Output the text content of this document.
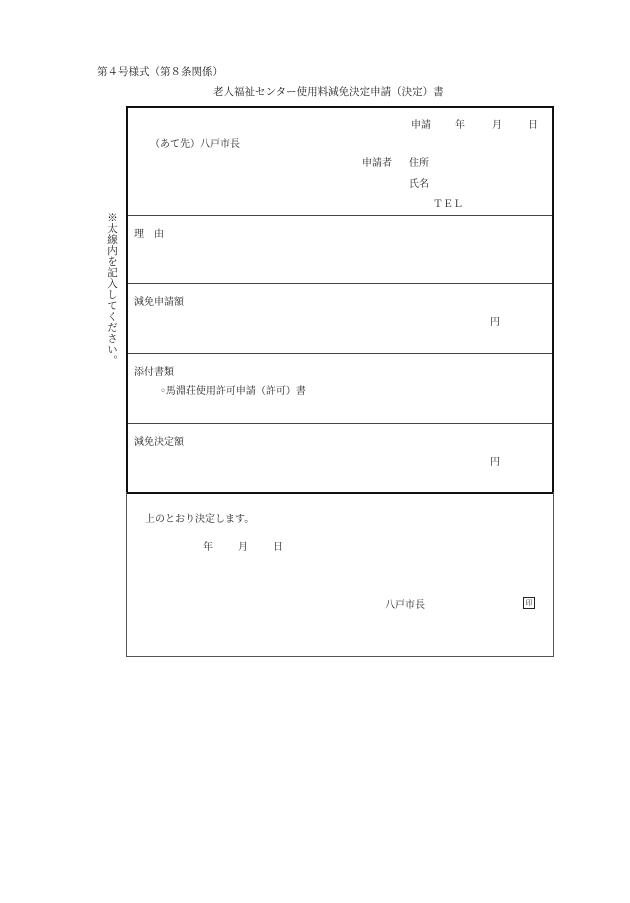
第４号様式（第８条関係）
老人福祉センター使用料減免決定申請（決定）書
※太線内を記入してください。
申請 年	月	日
（あて先）八戸市長
申請者 住所
氏名
ＴＥＬ
理　由
減免申請額
円
添付書類
◦馬淵荘使用許可申請（許可）書
減免決定額
円
上のとおり決定します。
年	月	日
八戸市長	印
